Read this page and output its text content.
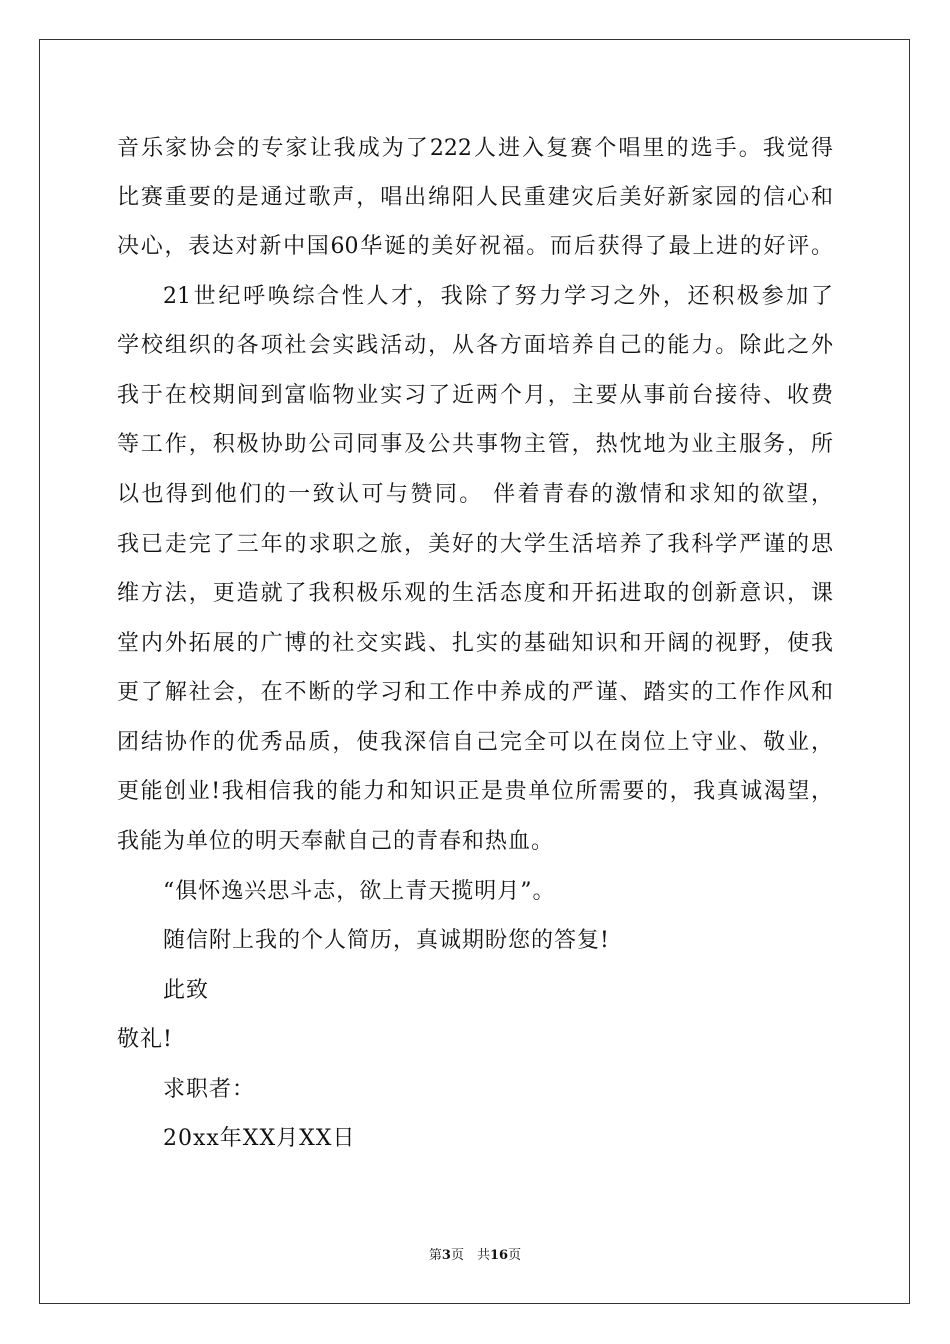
音乐家协会的专家让我成为了222人进入复赛个唱里的选手。我觉得
比赛重要的是通过歌声，唱出绵阳人民重建灾后美好新家园的信心和
决心，表达对新中国60华诞的美好祝福。而后获得了最上进的好评。
21世纪呼唤综合性人才，我除了努力学习之外，还积极参加了
学校组织的各项社会实践活动，从各方面培养自己的能力。除此之外
我于在校期间到富临物业实习了近两个月，主要从事前台接待、收费
等工作，积极协助公司同事及公共事物主管，热忱地为业主服务，所
以也得到他们的一致认可与赞同。 伴着青春的激情和求知的欲望，
我已走完了三年的求职之旅，美好的大学生活培养了我科学严谨的思
维方法，更造就了我积极乐观的生活态度和开拓进取的创新意识，课
堂内外拓展的广博的社交实践、扎实的基础知识和开阔的视野，使我
更了解社会，在不断的学习和工作中养成的严谨、踏实的工作作风和
团结协作的优秀品质，使我深信自己完全可以在岗位上守业、敬业，
更能创业!我相信我的能力和知识正是贵单位所需要的，我真诚渴望，
我能为单位的明天奉献自己的青春和热血。
“俱怀逸兴思斗志，欲上青天揽明月”。
随信附上我的个人简历，真诚期盼您的答复!
此致
敬礼!
求职者：
20xx年XX月XX日
第3页　共16页
